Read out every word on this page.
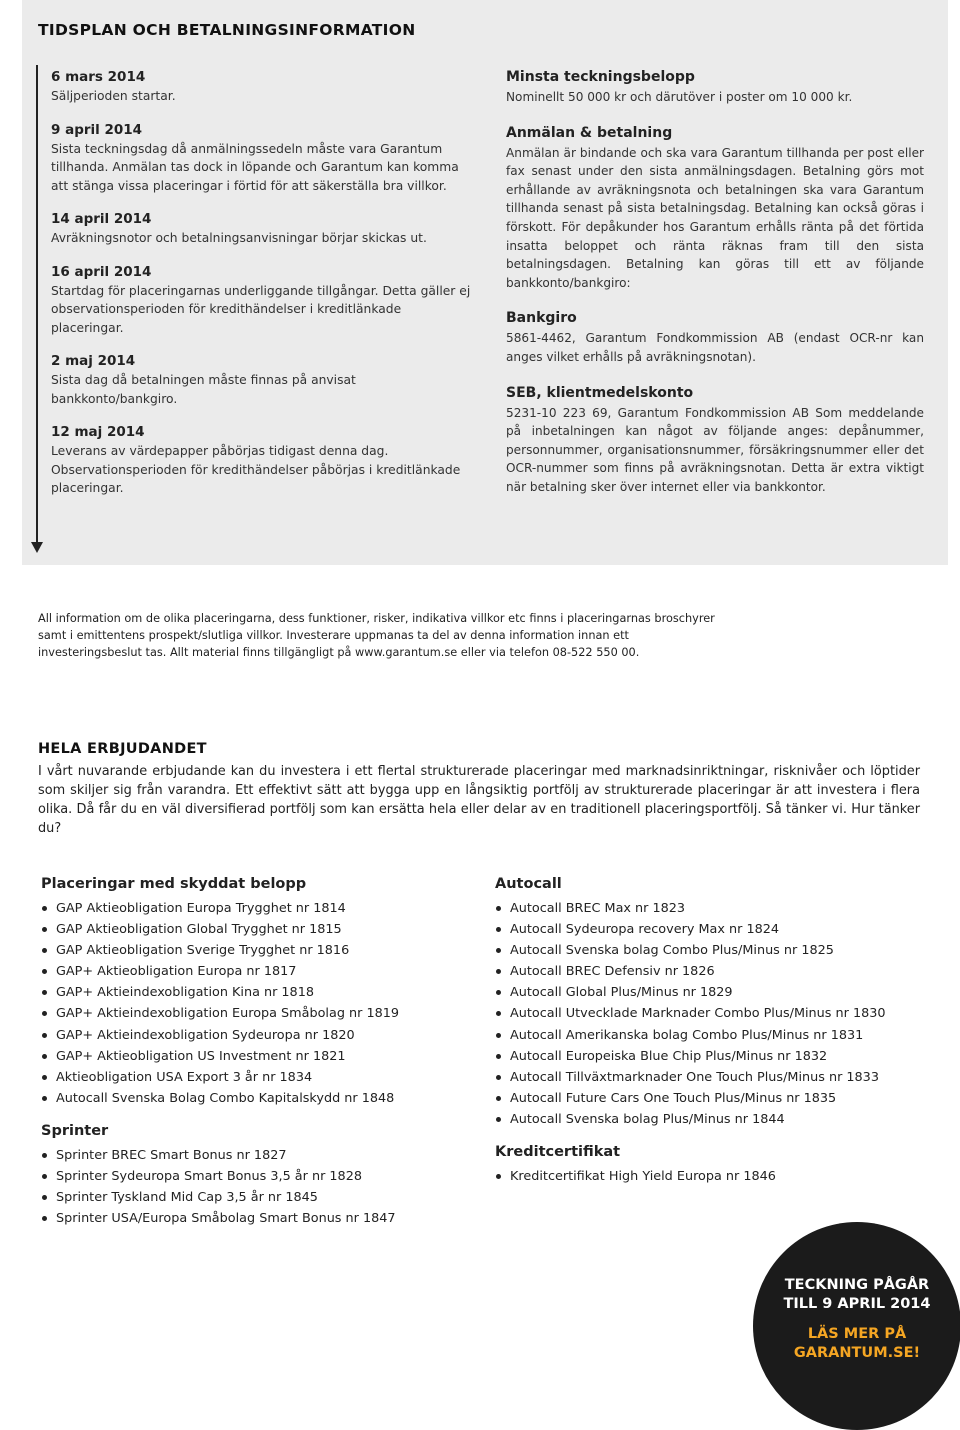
TIDSPLAN OCH BETALNINGSINFORMATION

6 mars 2014

Säljperioden startar.

9 april 2014

Sista teckningsdag då anmälningssedeln måste vara Garantum tillhanda. Anmälan tas dock in löpande och Garantum kan komma att stänga vissa placeringar i förtid för att säkerställa bra villkor.

14 april 2014

Avräkningsnotor och betalningsanvisningar börjar skickas ut.

16 april 2014

Startdag för placeringarnas underliggande tillgångar. Detta gäller ej observationsperioden för kredithändelser i kreditlänkade placeringar.

2 maj 2014

Sista dag då betalningen måste finnas på anvisat bankkonto/bankgiro.

12 maj 2014

Leverans av värdepapper påbörjas tidigast denna dag. Observationsperioden för kredithändelser påbörjas i kreditlänkade placeringar.

Minsta teckningsbelopp

Nominellt 50 000 kr och därutöver i poster om 10 000 kr.

Anmälan & betalning

Anmälan är bindande och ska vara Garantum tillhanda per post eller fax senast under den sista anmälningsdagen. Betalning görs mot erhållande av avräkningsnota och betalningen ska vara Garantum tillhanda senast på sista betalningsdag. Betalning kan också göras i förskott. För depåkunder hos Garantum erhålls ränta på det förtida insatta beloppet och ränta räknas fram till den sista betalningsdagen. Betalning kan göras till ett av följande bankkonto/bankgiro:

Bankgiro

5861-4462, Garantum Fondkommission AB (endast OCR-nr kan anges vilket erhålls på avräkningsnotan).

SEB, klientmedelskonto

5231-10 223 69, Garantum Fondkommission AB Som meddelande på inbetalningen kan något av följande anges: depånummer, personnummer, organisationsnummer, försäkringsnummer eller det OCR-nummer som finns på avräkningsnotan. Detta är extra viktigt när betalning sker över internet eller via bankkontor.

All information om de olika placeringarna, dess funktioner, risker, indikativa villkor etc finns i placeringarnas broschyrer samt i emittentens prospekt/slutliga villkor. Investerare uppmanas ta del av denna information innan ett investeringsbeslut tas. Allt material finns tillgängligt på www.garantum.se eller via telefon 08-522 550 00.

HELA ERBJUDANDET

I vårt nuvarande erbjudande kan du investera i ett flertal strukturerade placeringar med marknadsinriktningar, risknivåer och löptider som skiljer sig från varandra. Ett effektivt sätt att bygga upp en långsiktig portfölj av strukturerade placeringar är att investera i flera olika. Då får du en väl diversifierad portfölj som kan ersätta hela eller delar av en traditionell placeringsportfölj. Så tänker vi. Hur tänker du?

Placeringar med skyddat belopp

GAP Aktieobligation Europa Trygghet nr 1814
GAP Aktieobligation Global Trygghet nr 1815
GAP Aktieobligation Sverige Trygghet nr 1816
GAP+ Aktieobligation Europa nr 1817
GAP+ Aktieindexobligation Kina nr 1818
GAP+ Aktieindexobligation Europa Småbolag nr 1819
GAP+ Aktieindexobligation Sydeuropa nr 1820
GAP+ Aktieobligation US Investment nr 1821
Aktieobligation USA Export 3 år nr 1834
Autocall Svenska Bolag Combo Kapitalskydd nr 1848

Sprinter

Sprinter BREC Smart Bonus nr 1827
Sprinter Sydeuropa Smart Bonus 3,5 år nr 1828
Sprinter Tyskland Mid Cap 3,5 år nr 1845
Sprinter USA/Europa Småbolag Smart Bonus nr 1847

Autocall

Autocall BREC Max nr 1823
Autocall Sydeuropa recovery Max nr 1824
Autocall Svenska bolag Combo Plus/Minus nr 1825
Autocall BREC Defensiv nr 1826
Autocall Global Plus/Minus nr 1829
Autocall Utvecklade Marknader Combo Plus/Minus nr 1830
Autocall Amerikanska bolag Combo Plus/Minus nr 1831
Autocall Europeiska Blue Chip Plus/Minus nr 1832
Autocall Tillväxtmarknader One Touch Plus/Minus nr 1833
Autocall Future Cars One Touch Plus/Minus nr 1835
Autocall Svenska bolag Plus/Minus nr 1844

Kreditcertifikat

Kreditcertifikat High Yield Europa nr 1846

TECKNING PÅGÅR
TILL 9 APRIL 2014

LÄS MER PÅ
GARANTUM.SE!
